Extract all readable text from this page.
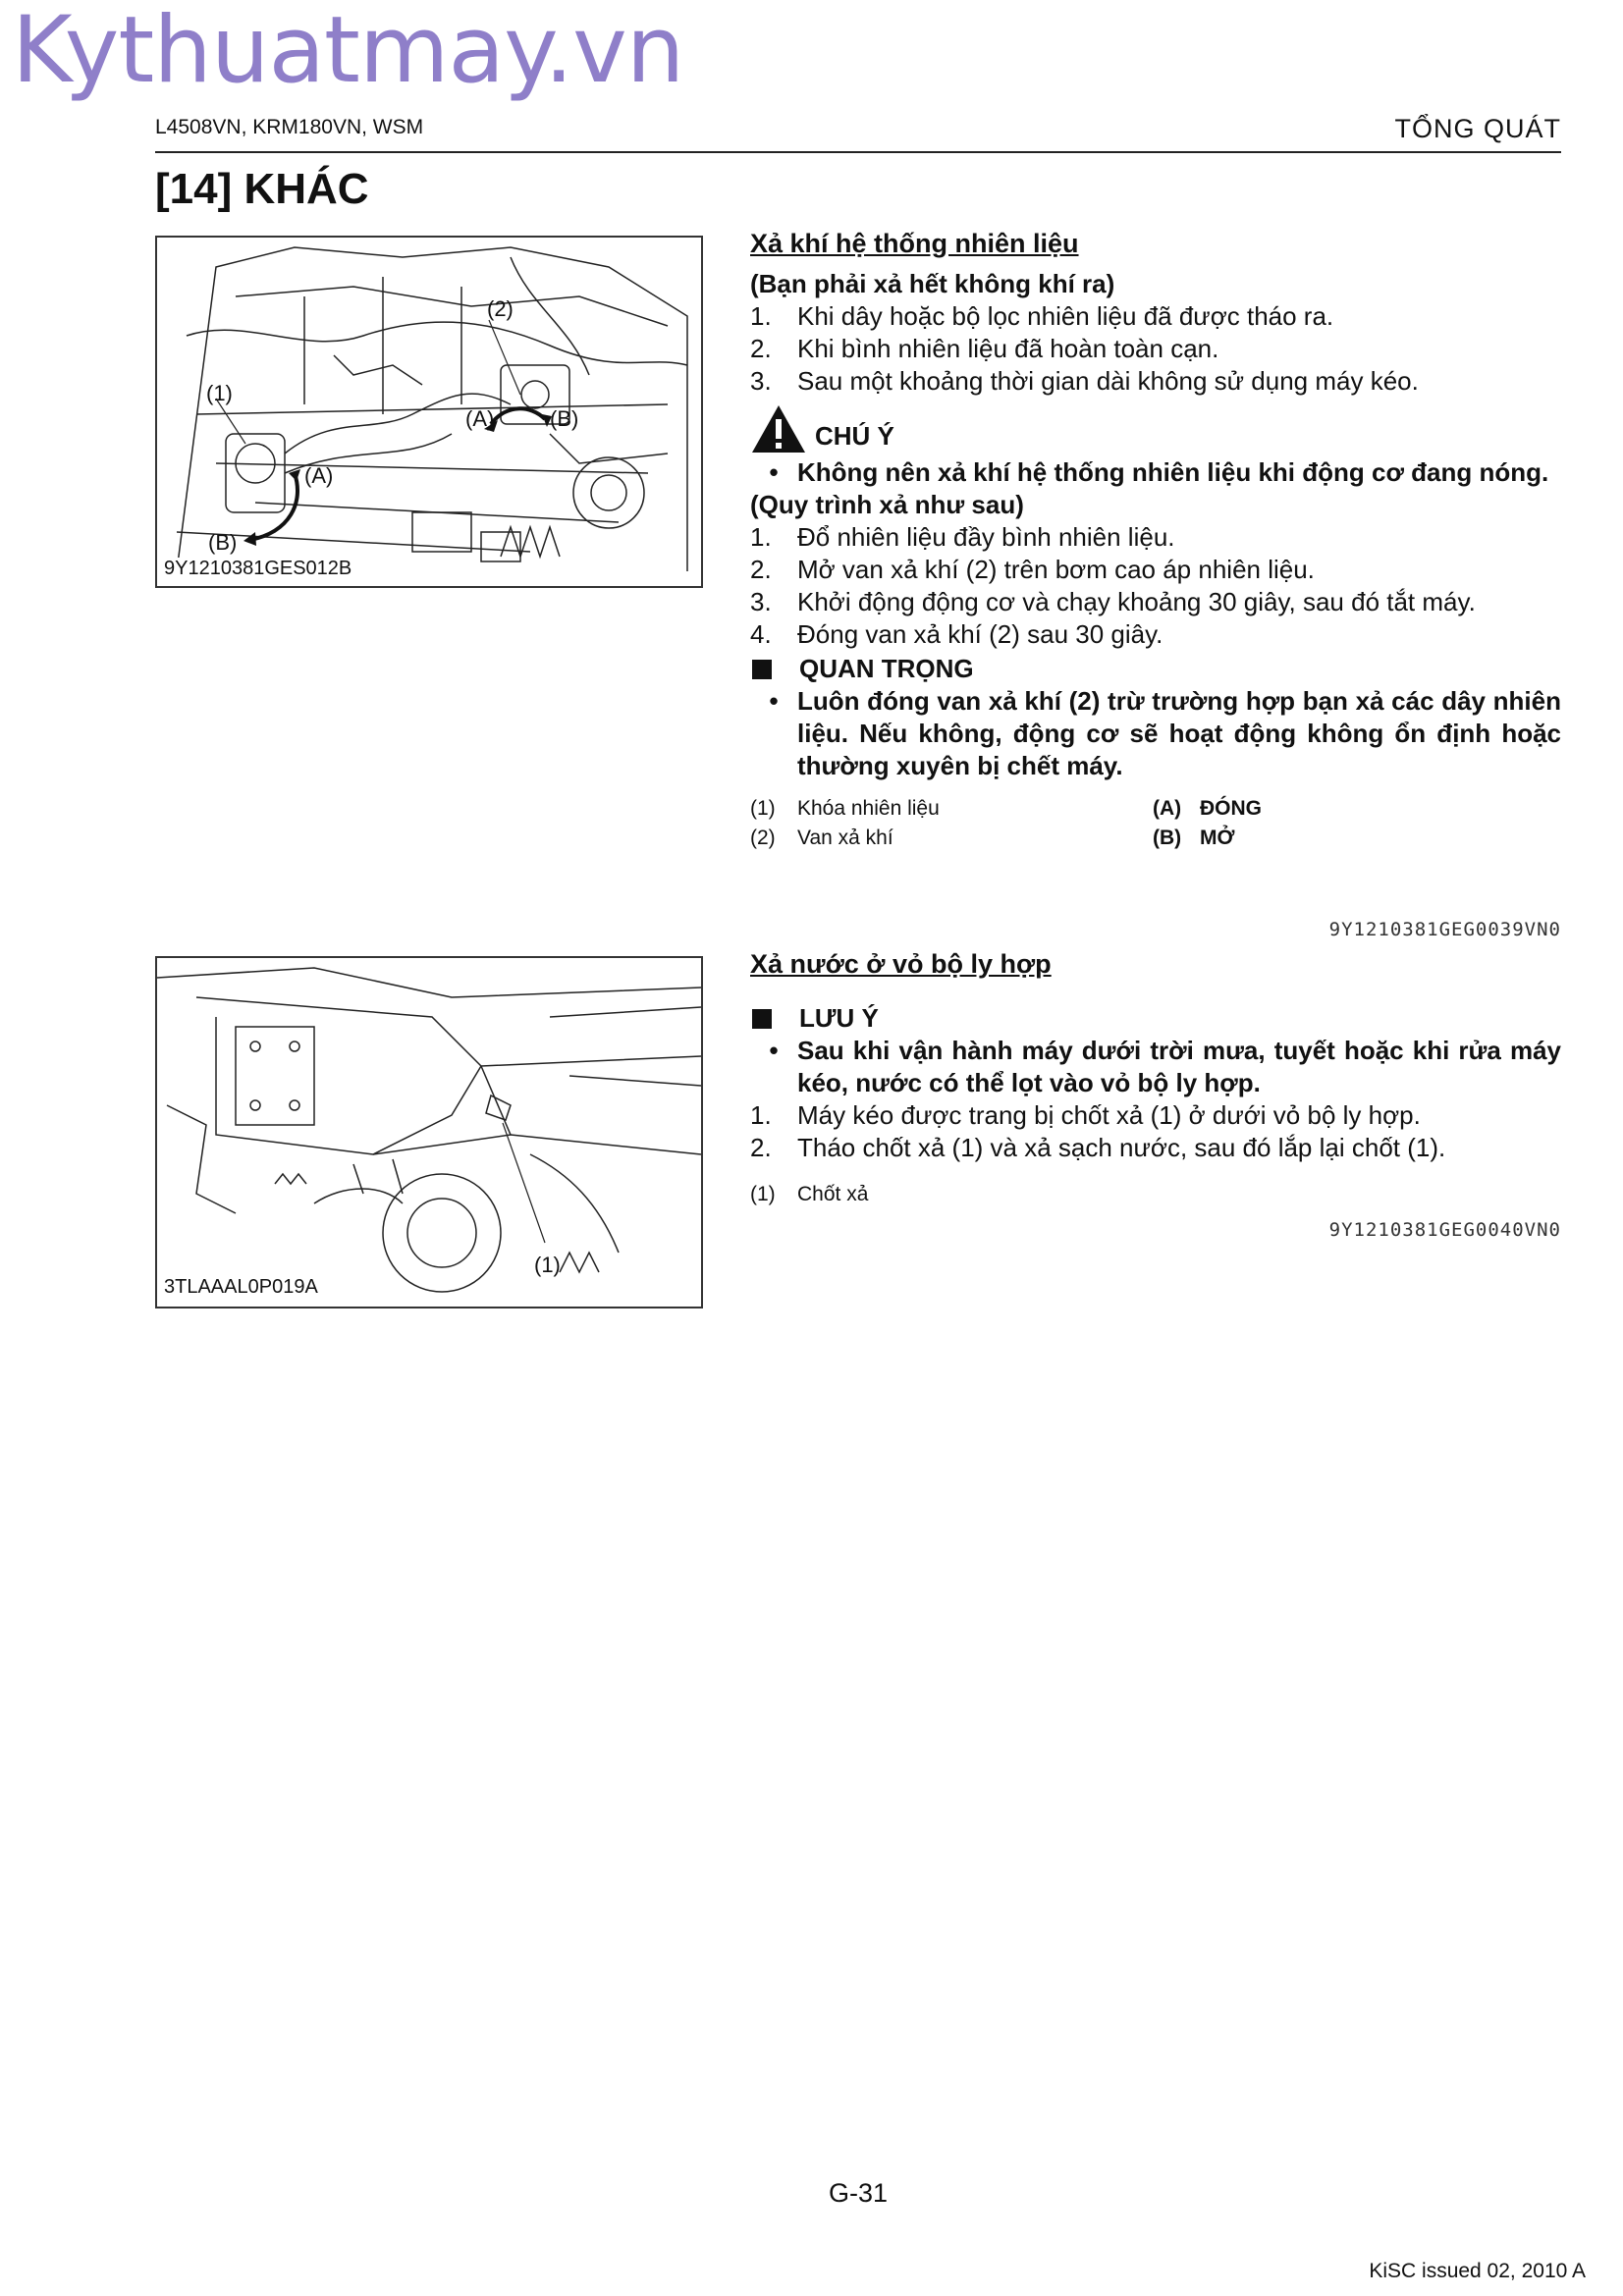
Kythuatmay.vn
L4508VN, KRM180VN, WSM	TỔNG QUÁT
[14] KHÁC
(1)
(2)
(A)
(B)
(A)	(B)
9Y1210381GES012B
(1)
3TLAAAL0P019A
Xả khí hệ thống nhiên liệu
(Bạn phải xả hết không khí ra)
1.	Khi dây hoặc bộ lọc nhiên liệu đã được tháo ra.
2.	Khi bình nhiên liệu đã hoàn toàn cạn.
3.	Sau một khoảng thời gian dài không sử dụng máy kéo.
CHÚ Ý
• Không nên xả khí hệ thống nhiên liệu khi động cơ đang nóng.
(Quy trình xả như sau)
1.	Đổ nhiên liệu đầy bình nhiên liệu.
2.	Mở van xả khí (2) trên bơm cao áp nhiên liệu.
3.	Khởi động động cơ và chạy khoảng 30 giây, sau đó tắt máy.
4.	Đóng van xả khí (2) sau 30 giây.
QUAN TRỌNG
• Luôn đóng van xả khí (2) trừ trường hợp bạn xả các dây nhiên liệu. Nếu không, động cơ sẽ hoạt động không ổn định hoặc thường xuyên bị chết máy.
(1)	Khóa nhiên liệu	(A) ĐÓNG
(2)	Van xả khí	(B) MỞ
9Y1210381GEG0039VN0
Xả nước ở vỏ bộ ly hợp
LƯU Ý
• Sau khi vận hành máy dưới trời mưa, tuyết hoặc khi rửa máy kéo, nước có thể lọt vào vỏ bộ ly hợp.
1.	Máy kéo được trang bị chốt xả (1) ở dưới vỏ bộ ly hợp.
2.	Tháo chốt xả (1) và xả sạch nước, sau đó lắp lại chốt (1).
(1)	Chốt xả
9Y1210381GEG0040VN0
G-31
KiSC issued 02, 2010 A
